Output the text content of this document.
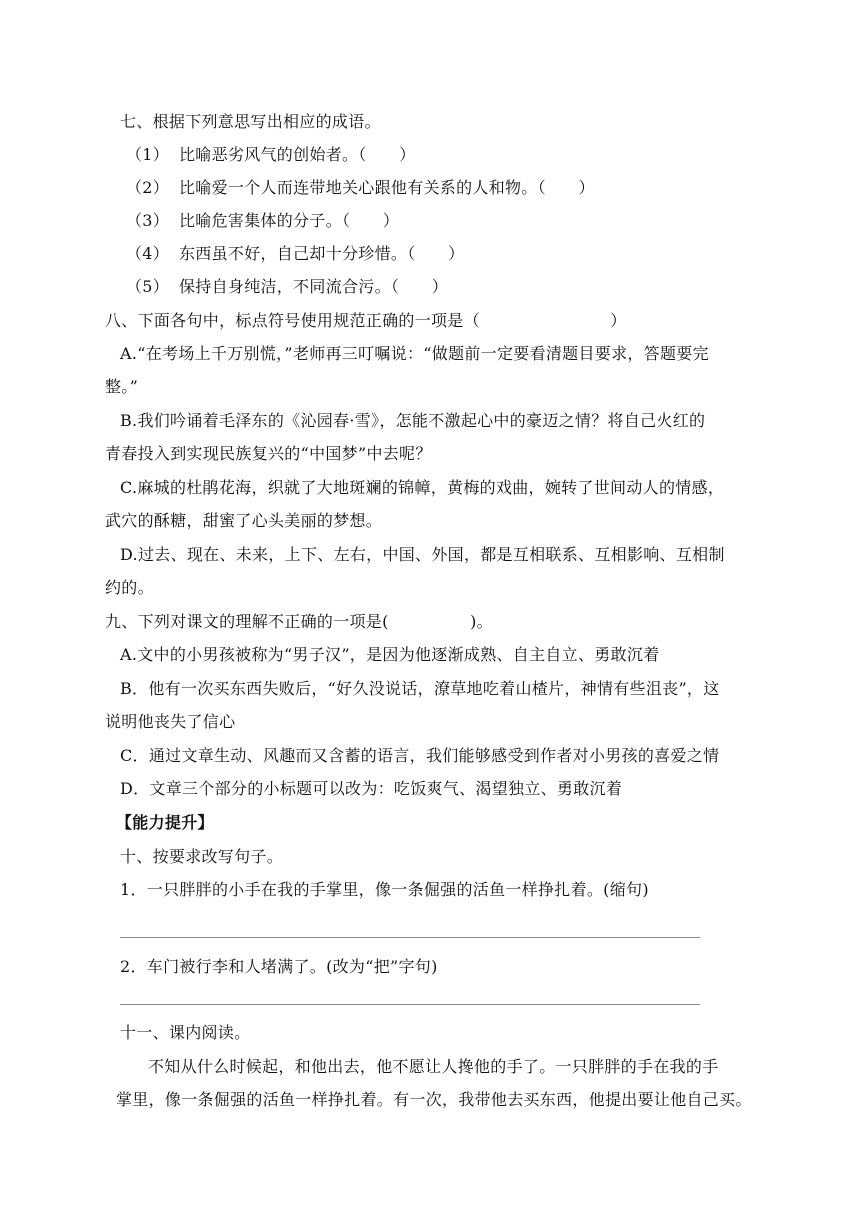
七、根据下列意思写出相应的成语。
（1） 比喻恶劣风气的创始者。（　　）
（2） 比喻爱一个人而连带地关心跟他有关系的人和物。（　　）
（3） 比喻危害集体的分子。（　　）
（4） 东西虽不好，自己却十分珍惜。（　　）
（5） 保持自身纯洁，不同流合污。（　　）
八、下面各句中，标点符号使用规范正确的一项是（　　　　　　　　）
A.“在考场上千万别慌，”老师再三叮嘱说：“做题前一定要看清题目要求，答题要完
整。”
B.我们吟诵着毛泽东的《沁园春·雪》，怎能不激起心中的豪迈之情？将自己火红的
青春投入到实现民族复兴的“中国梦”中去呢？
C.麻城的杜鹃花海，织就了大地斑斓的锦幛，黄梅的戏曲，婉转了世间动人的情感，
武穴的酥糖，甜蜜了心头美丽的梦想。
D.过去、现在、未来，上下、左右，中国、外国，都是互相联系、互相影响、互相制
约的。
九、下列对课文的理解不正确的一项是(　　　　　)。
A.文中的小男孩被称为“男子汉”，是因为他逐渐成熟、自主自立、勇敢沉着
B．他有一次买东西失败后，“好久没说话，潦草地吃着山楂片，神情有些沮丧”，这
说明他丧失了信心
C．通过文章生动、风趣而又含蓄的语言，我们能够感受到作者对小男孩的喜爱之情
D．文章三个部分的小标题可以改为：吃饭爽气、渴望独立、勇敢沉着
【能力提升】
十、按要求改写句子。
1．一只胖胖的小手在我的手掌里，像一条倔强的活鱼一样挣扎着。(缩句)
2．车门被行李和人堵满了。(改为“把”字句)
十一、课内阅读。
不知从什么时候起，和他出去，他不愿让人搀他的手了。一只胖胖的手在我的手
掌里，像一条倔强的活鱼一样挣扎着。有一次，我带他去买东西，他提出要让他自己买。
